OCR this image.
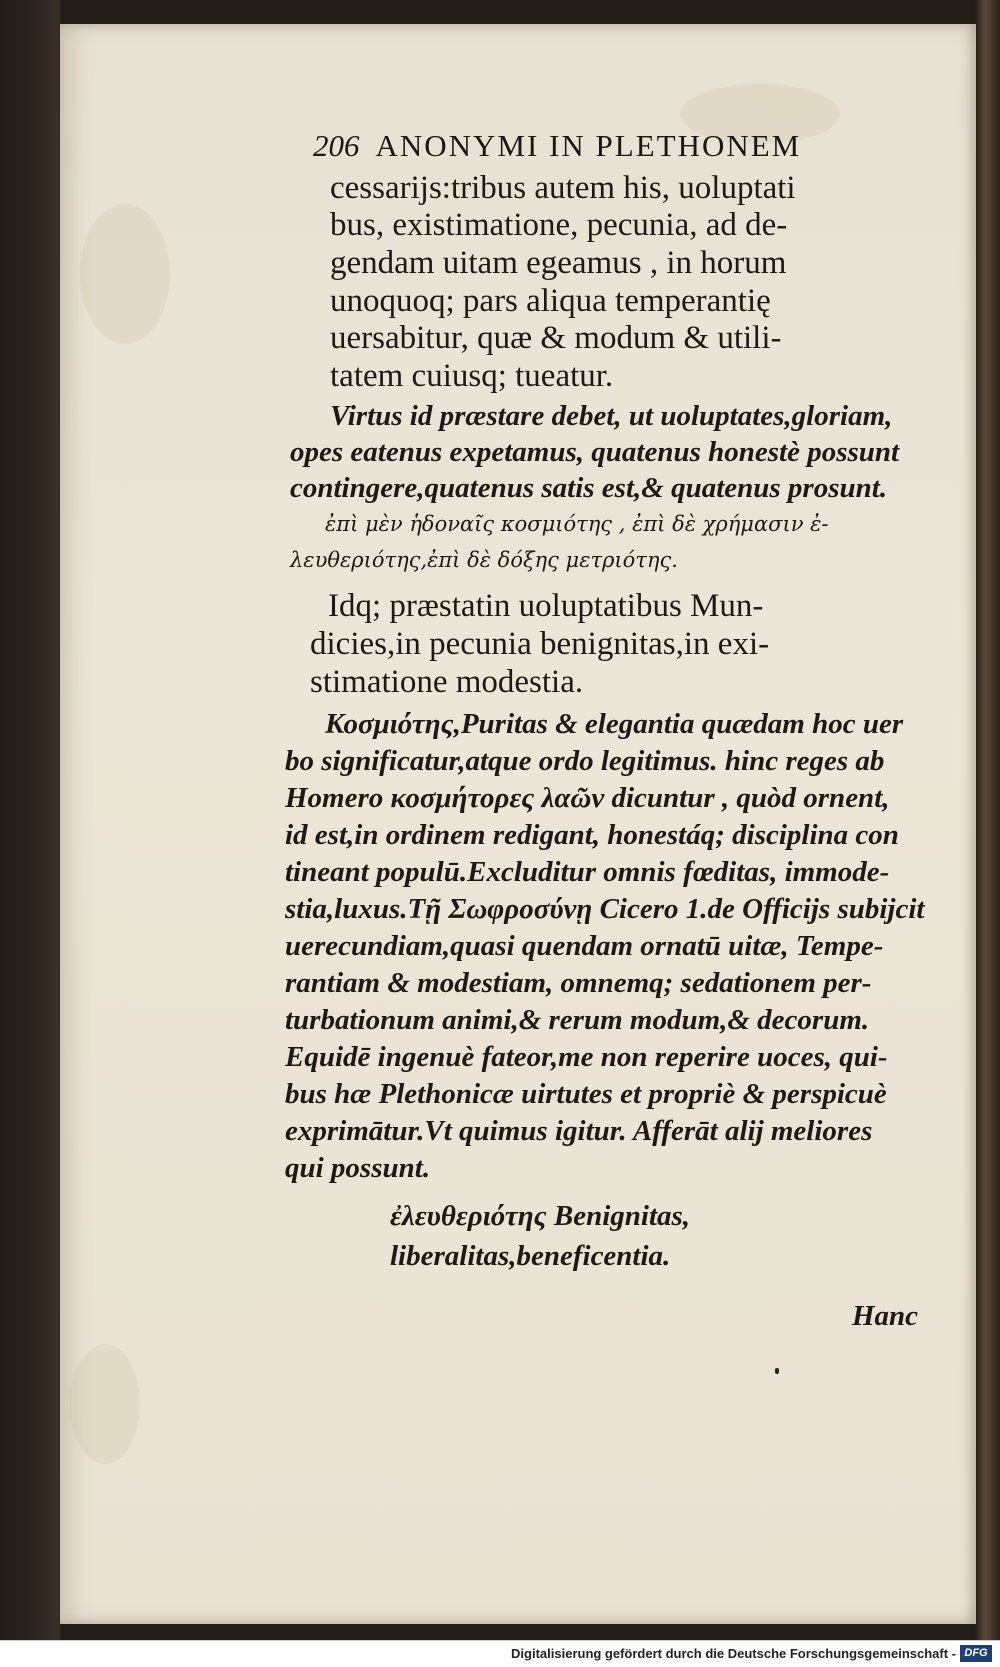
206 ANONYMI IN PLETHONEM
cessarijs:tribus autem his, uoluptati
bus, existimatione, pecunia, ad de-
gendam uitam egeamus , in horum
unoquoq; pars aliqua temperantię
uersabitur, quæ & modum & utili-
tatem cuiusq; tueatur.
Virtus id præstare debet, ut uoluptates,gloriam,
opes eatenus expetamus, quatenus honestè possunt
contingere,quatenus satis est,& quatenus prosunt.
ἐπὶ μὲν ἡδοναῖς κοσμιότης , ἐπὶ δὲ χρήμασιν ἐ-
λευθεριότης,ἐπὶ δὲ δόξης μετριότης.
Idq; præstatin uoluptatibus Mun-
dicies,in pecunia benignitas,in exi-
stimatione modestia.
Κοσμιότης,Puritas & elegantia quædam hoc uer
bo significatur,atque ordo legitimus. hinc reges ab
Homero κοσμήτορες λαῶν dicuntur , quòd ornent,
id est,in ordinem redigant, honestáq; disciplina con
tineant populū.Excluditur omnis fœditas, immode-
stia,luxus.Τῇ Σωφροσύνῃ Cicero 1.de Officijs subijcit
uerecundiam,quasi quendam ornatū uitæ, Tempe-
rantiam & modestiam, omnemq; sedationem per-
turbationum animi,& rerum modum,& decorum.
Equidē ingenuè fateor,me non reperire uoces, qui-
bus hæ Plethonicæ uirtutes et propriè & perspicuè
exprimātur.Vt quimus igitur. Afferāt alij meliores
qui possunt.
ἐλευθεριότης Benignitas,
liberalitas,beneficentia.
Hanc
Digitalisierung gefördert durch die Deutsche Forschungsgemeinschaft - DFG
